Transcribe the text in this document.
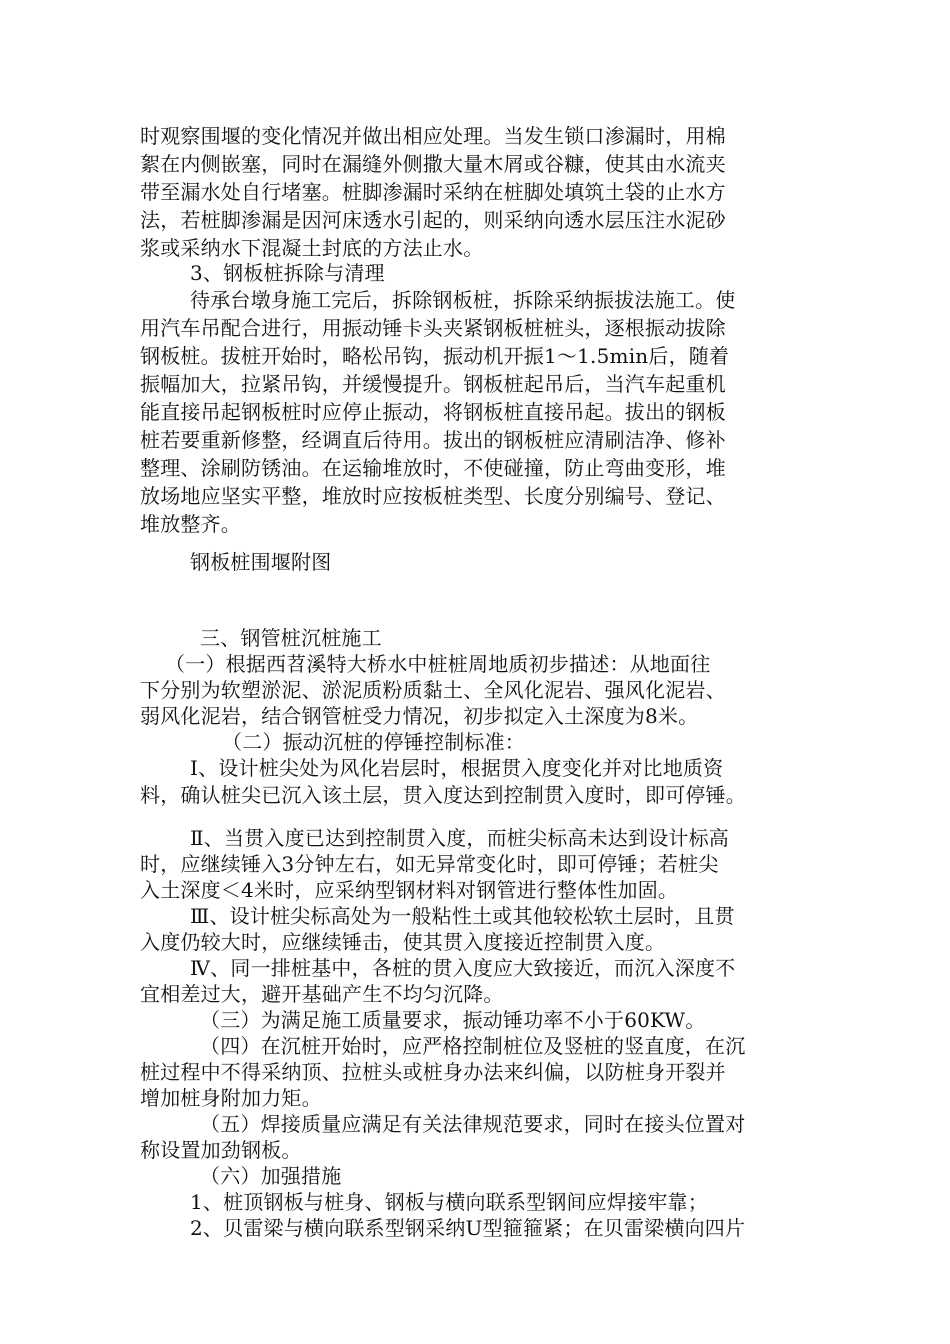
时观察围堰的变化情况并做出相应处理。当发生锁口渗漏时，用棉
絮在内侧嵌塞，同时在漏缝外侧撒大量木屑或谷糠，使其由水流夹
带至漏水处自行堵塞。桩脚渗漏时采纳在桩脚处填筑土袋的止水方
法，若桩脚渗漏是因河床透水引起的，则采纳向透水层压注水泥砂
浆或采纳水下混凝土封底的方法止水。
3、钢板桩拆除与清理
待承台墩身施工完后，拆除钢板桩，拆除采纳振拔法施工。使
用汽车吊配合进行，用振动锤卡头夹紧钢板桩桩头，逐根振动拔除
钢板桩。拔桩开始时，略松吊钩，振动机开振1～1.5min后，随着
振幅加大，拉紧吊钩，并缓慢提升。钢板桩起吊后，当汽车起重机
能直接吊起钢板桩时应停止振动，将钢板桩直接吊起。拔出的钢板
桩若要重新修整，经调直后待用。拔出的钢板桩应清刷洁净、修补
整理、涂刷防锈油。在运输堆放时，不使碰撞，防止弯曲变形，堆
放场地应坚实平整，堆放时应按板桩类型、长度分别编号、登记、
堆放整齐。
钢板桩围堰附图
三、钢管桩沉桩施工
（一）根据西苕溪特大桥水中桩桩周地质初步描述：从地面往
下分别为软塑淤泥、淤泥质粉质黏土、全风化泥岩、强风化泥岩、
弱风化泥岩，结合钢管桩受力情况，初步拟定入土深度为8米。
（二）振动沉桩的停锤控制标准：
Ⅰ、设计桩尖处为风化岩层时，根据贯入度变化并对比地质资
料，确认桩尖已沉入该土层，贯入度达到控制贯入度时，即可停锤。
Ⅱ、当贯入度已达到控制贯入度，而桩尖标高未达到设计标高
时，应继续锤入3分钟左右，如无异常变化时，即可停锤；若桩尖
入土深度＜4米时，应采纳型钢材料对钢管进行整体性加固。
Ⅲ、设计桩尖标高处为一般粘性土或其他较松软土层时，且贯
入度仍较大时，应继续锤击，使其贯入度接近控制贯入度。
Ⅳ、同一排桩基中，各桩的贯入度应大致接近，而沉入深度不
宜相差过大，避开基础产生不均匀沉降。
（三）为满足施工质量要求，振动锤功率不小于60KW。
（四）在沉桩开始时，应严格控制桩位及竖桩的竖直度，在沉
桩过程中不得采纳顶、拉桩头或桩身办法来纠偏，以防桩身开裂并
增加桩身附加力矩。
（五）焊接质量应满足有关法律规范要求，同时在接头位置对
称设置加劲钢板。
（六）加强措施
1、桩顶钢板与桩身、钢板与横向联系型钢间应焊接牢靠；
2、贝雷梁与横向联系型钢采纳U型箍箍紧；在贝雷梁横向四片
